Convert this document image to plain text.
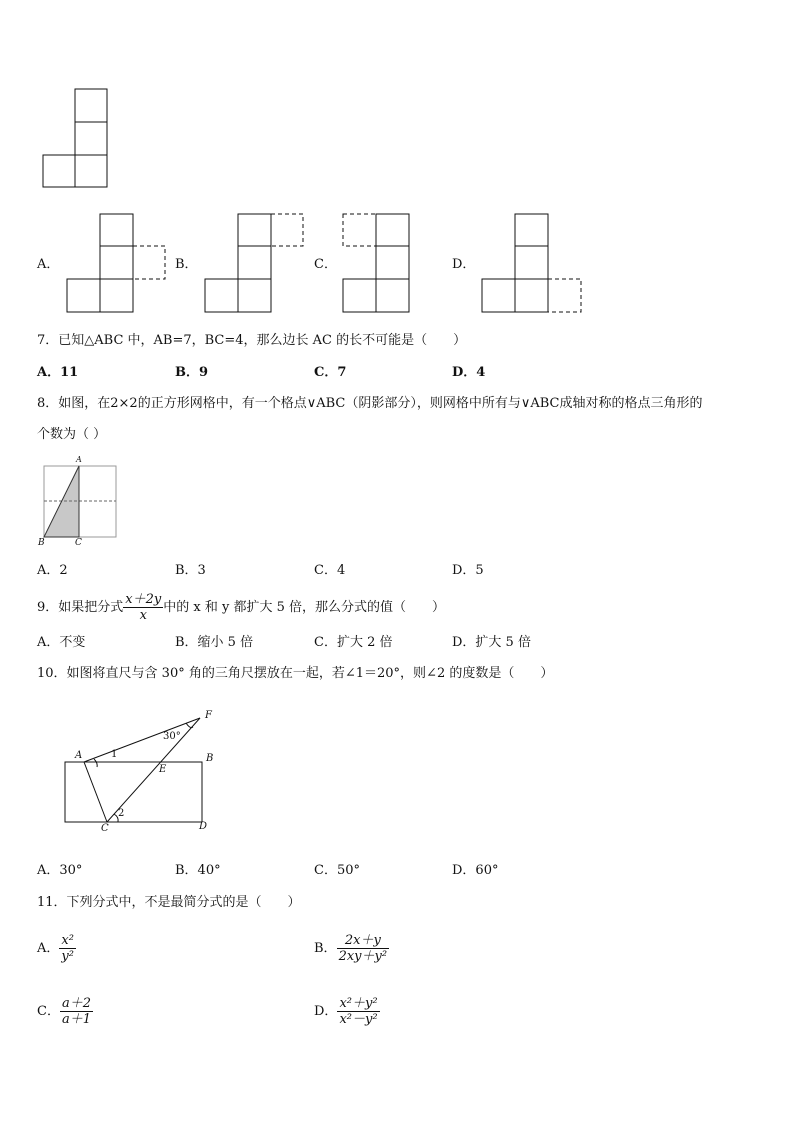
A．	B．	C．	D．
7．已知△ABC 中，AB=7，BC=4，那么边长 AC 的长不可能是（　　）
A．11	B．9	C．7	D．4
8．如图，在2×2的正方形网格中，有一个格点∨ABC（阴影部分），则网格中所有与∨ABC成轴对称的格点三角形的
个数为（ ）
A
B	C
A．2	B．3	C．4	D．5
9．如果把分式 $\frac{x+2y}{x}$ 中的 x 和 y 都扩大 5 倍，那么分式的值（　　）
A．不变	B．缩小 5 倍	C．扩大 2 倍	D．扩大 5 倍
10．如图将直尺与含 30° 角的三角尺摆放在一起，若∠1＝20°，则∠2 的度数是（　　）
A	1
30°
F
B
E
2
C	D
A．30°	B．40°	C．50°	D．60°
11．下列分式中，不是最简分式的是（　　）
A． $\frac{\text{x²}}{\text{y²}}$	B． $\frac{2x+y}{\text{2xy＋y²}}$
C． $\frac{a+2}{a+1}$	D． $\frac{\text{x²＋y²}}{\text{x²－y²}}$
